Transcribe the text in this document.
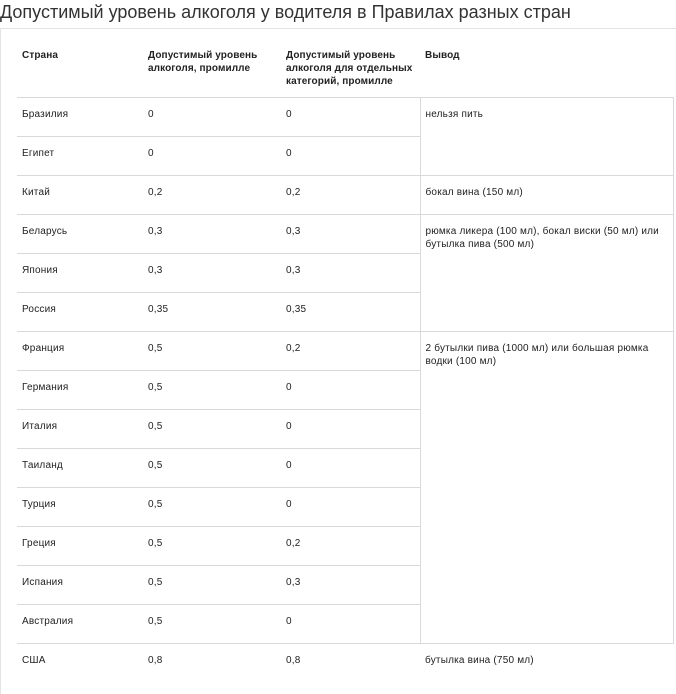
Допустимый уровень алкоголя у водителя в Правилах разных стран
Страна	Допустимый уровень алкоголя, промилле	Допустимый уровень алкоголя для отдельных категорий, промилле	Вывод
Бразилия	0	0	нельзя пить
Египет	0	0	
Китай	0,2	0,2	бокал вина (150 мл)
Беларусь	0,3	0,3	рюмка ликера (100 мл), бокал виски (50 мл) или бутылка пива (500 мл)
Япония	0,3	0,3	
Россия	0,35	0,35	
Франция	0,5	0,2	2 бутылки пива (1000 мл) или большая рюмка водки (100 мл)
Германия	0,5	0	
Италия	0,5	0	
Таиланд	0,5	0	
Турция	0,5	0	
Греция	0,5	0,2	
Испания	0,5	0,3	
Австралия	0,5	0	
США	0,8	0,8	бутылка вина (750 мл)
